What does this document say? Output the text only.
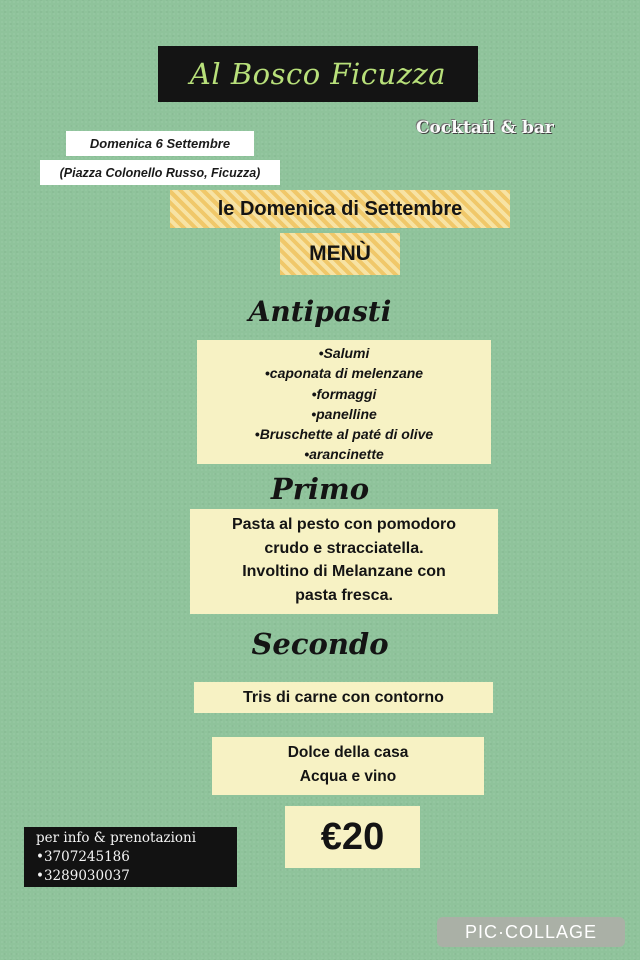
Al Bosco Ficuzza
Cocktail & bar
Domenica 6 Settembre
(Piazza Colonello Russo, Ficuzza)
le Domenica di Settembre
MENÙ
Antipasti
•Salumi
•caponata di melenzane
•formaggi
•panelline
•Bruschette al paté di olive
•arancinette
Primo
Pasta al pesto con pomodoro
crudo e stracciatella.
Involtino di Melanzane con
pasta fresca.
Secondo
Tris di carne con contorno
Dolce della casa
Acqua e vino
€20
per info & prenotazioni
•3707245186
•3289030037
PIC·COLLAGE
